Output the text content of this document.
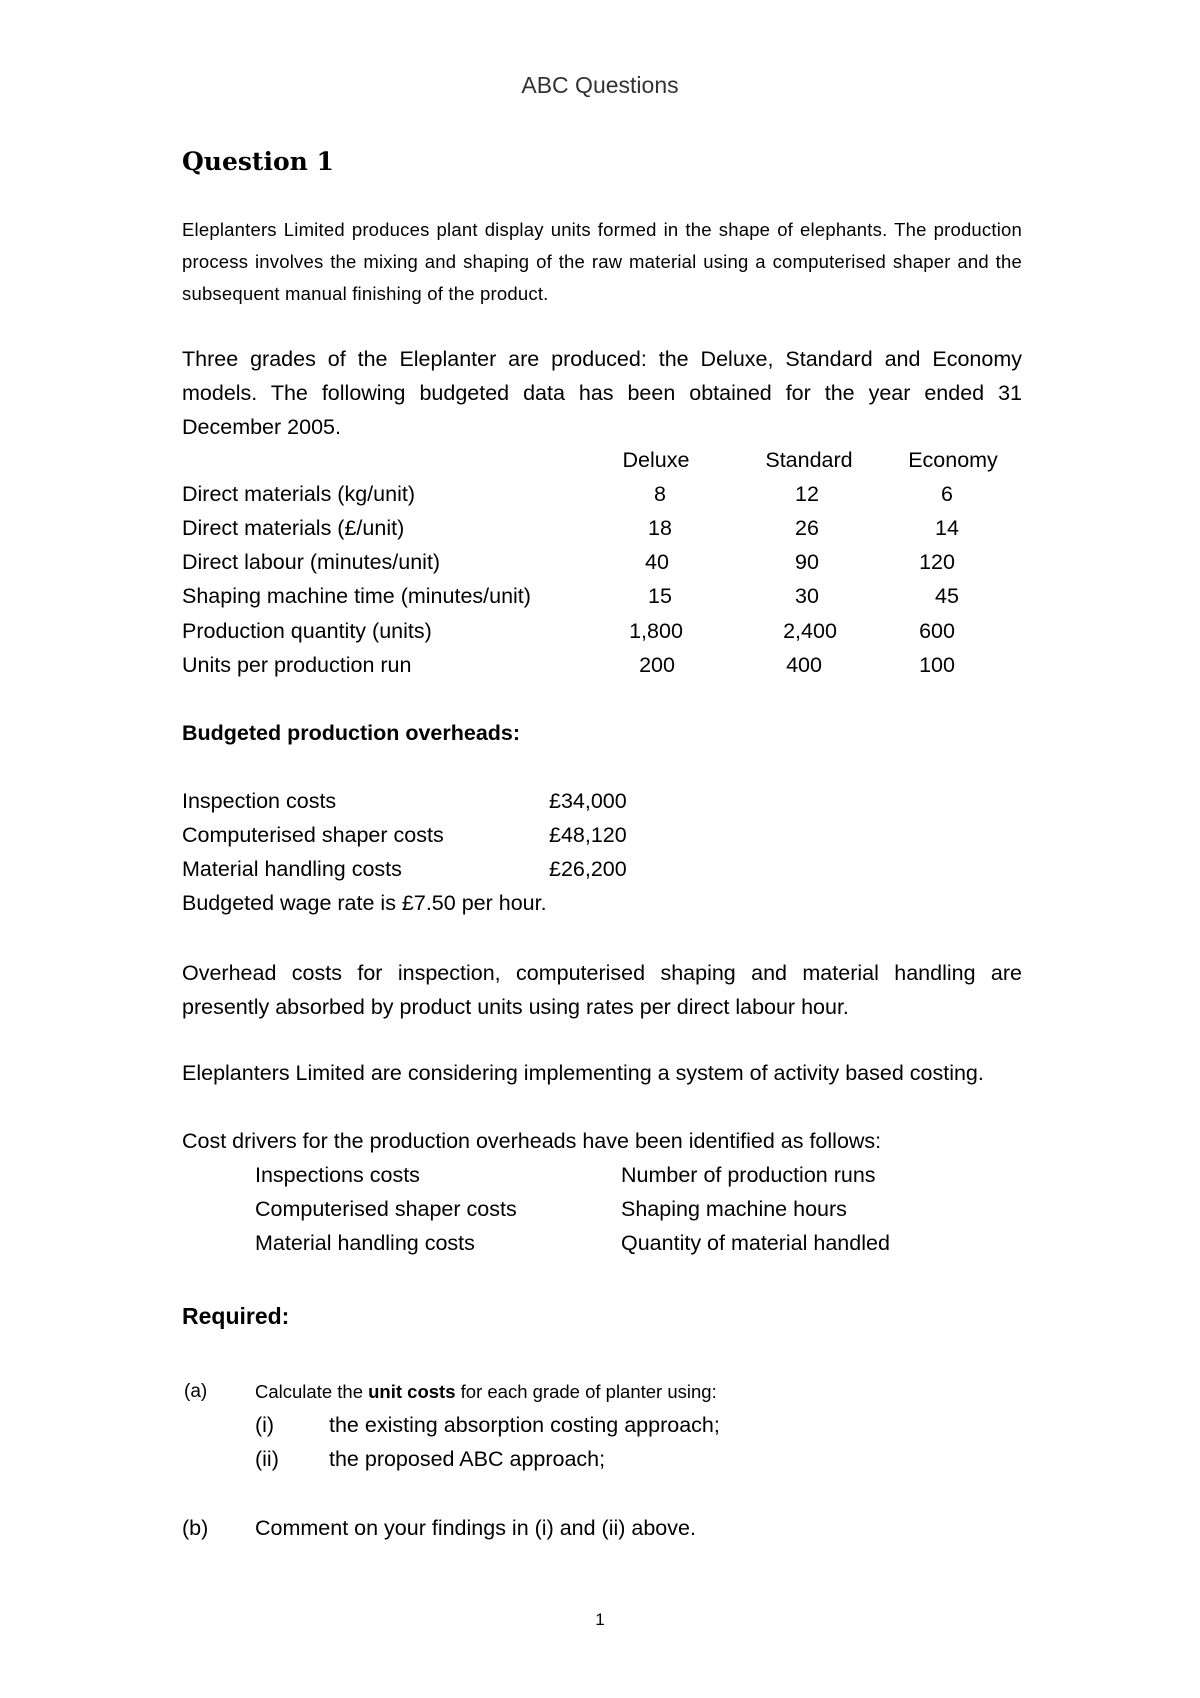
ABC Questions
Question 1
Eleplanters Limited produces plant display units formed in the shape of elephants. The production process involves the mixing and shaping of the raw material using a computerised shaper and the subsequent manual finishing of the product.
Three grades of the Eleplanter are produced: the Deluxe, Standard and Economy models. The following budgeted data has been obtained for the year ended 31 December 2005.
Deluxe	Standard	Economy
Direct materials (kg/unit)	8	12	6
Direct materials (£/unit)	18	26	14
Direct labour (minutes/unit)	40	90	120
Shaping machine time (minutes/unit)	15	30	45
Production quantity (units)	1,800	2,400	600
Units per production run	200	400	100
Budgeted production overheads:
Inspection costs	£34,000
Computerised shaper costs	£48,120
Material handling costs	£26,200
Budgeted wage rate is £7.50 per hour.
Overhead costs for inspection, computerised shaping and material handling are presently absorbed by product units using rates per direct labour hour.
Eleplanters Limited are considering implementing a system of activity based costing.
Cost drivers for the production overheads have been identified as follows:
Inspections costs	Number of production runs
Computerised shaper costs	Shaping machine hours
Material handling costs	Quantity of material handled
Required:
(a)	Calculate the unit costs for each grade of planter using:
(i)	the existing absorption costing approach;
(ii) the proposed ABC approach;
(b) Comment on your findings in (i) and (ii) above.
1
